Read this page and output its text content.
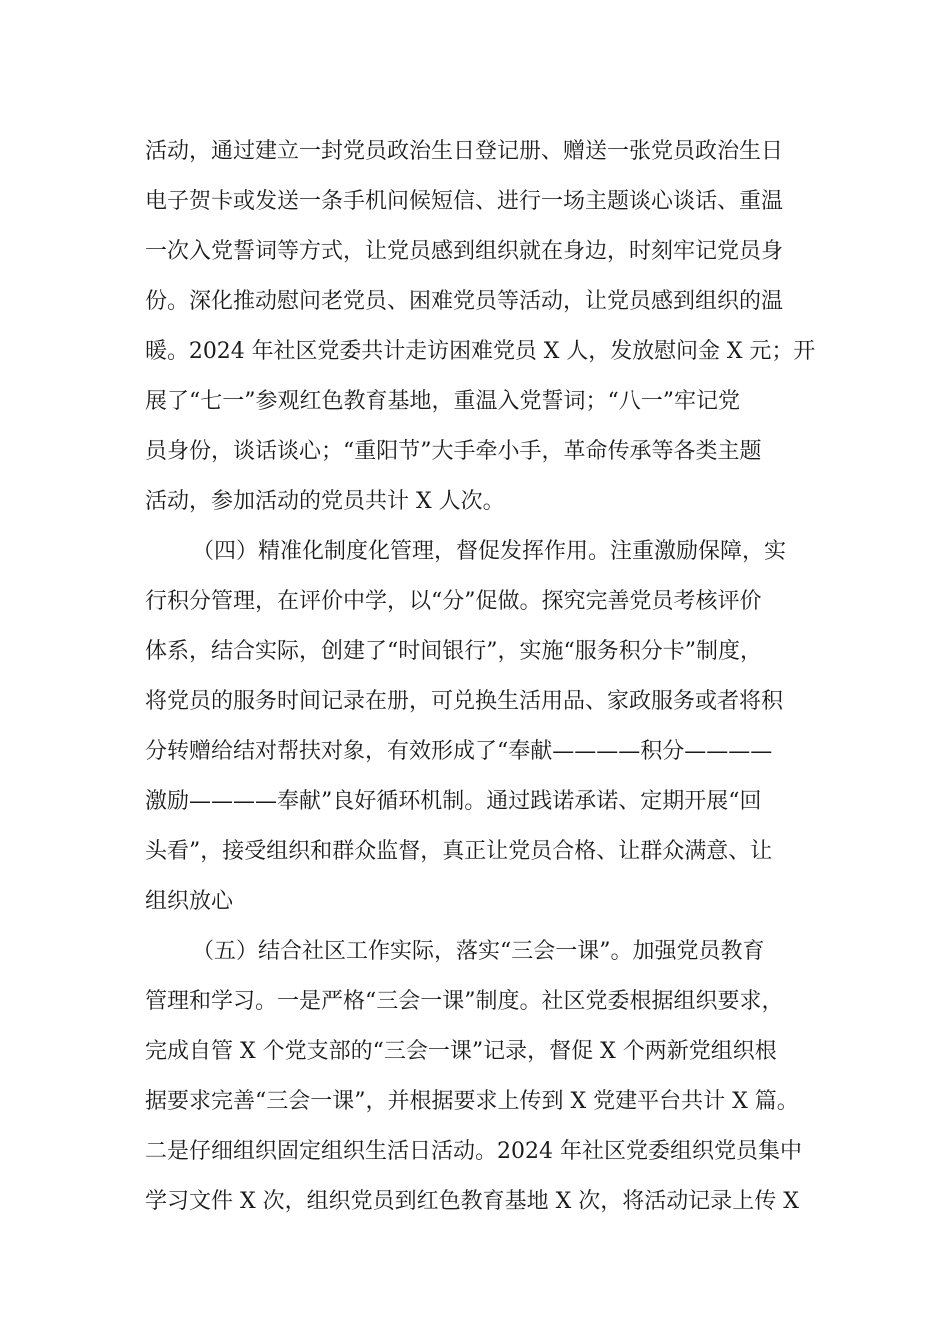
活动，通过建立一封党员政治生日登记册、赠送一张党员政治生日
电子贺卡或发送一条手机问候短信、进行一场主题谈心谈话、重温
一次入党誓词等方式，让党员感到组织就在身边，时刻牢记党员身
份。深化推动慰问老党员、困难党员等活动，让党员感到组织的温
暖。2024 年社区党委共计走访困难党员 X 人，发放慰问金 X 元；开
展了“七一”参观红色教育基地，重温入党誓词；“八一”牢记党
员身份，谈话谈心；“重阳节”大手牵小手，革命传承等各类主题
活动，参加活动的党员共计 X 人次。
（四）精准化制度化管理，督促发挥作用。注重激励保障，实
行积分管理，在评价中学，以“分”促做。探究完善党员考核评价
体系，结合实际，创建了“时间银行”，实施“服务积分卡”制度，
将党员的服务时间记录在册，可兑换生活用品、家政服务或者将积
分转赠给结对帮扶对象，有效形成了“奉献————积分————
激励————奉献”良好循环机制。通过践诺承诺、定期开展“回
头看”，接受组织和群众监督，真正让党员合格、让群众满意、让
组织放心
（五）结合社区工作实际，落实“三会一课”。加强党员教育
管理和学习。一是严格“三会一课”制度。社区党委根据组织要求，
完成自管 X 个党支部的“三会一课”记录，督促 X 个两新党组织根
据要求完善“三会一课”，并根据要求上传到 X 党建平台共计 X 篇。
二是仔细组织固定组织生活日活动。2024 年社区党委组织党员集中
学习文件 X 次，组织党员到红色教育基地 X 次，将活动记录上传 X
